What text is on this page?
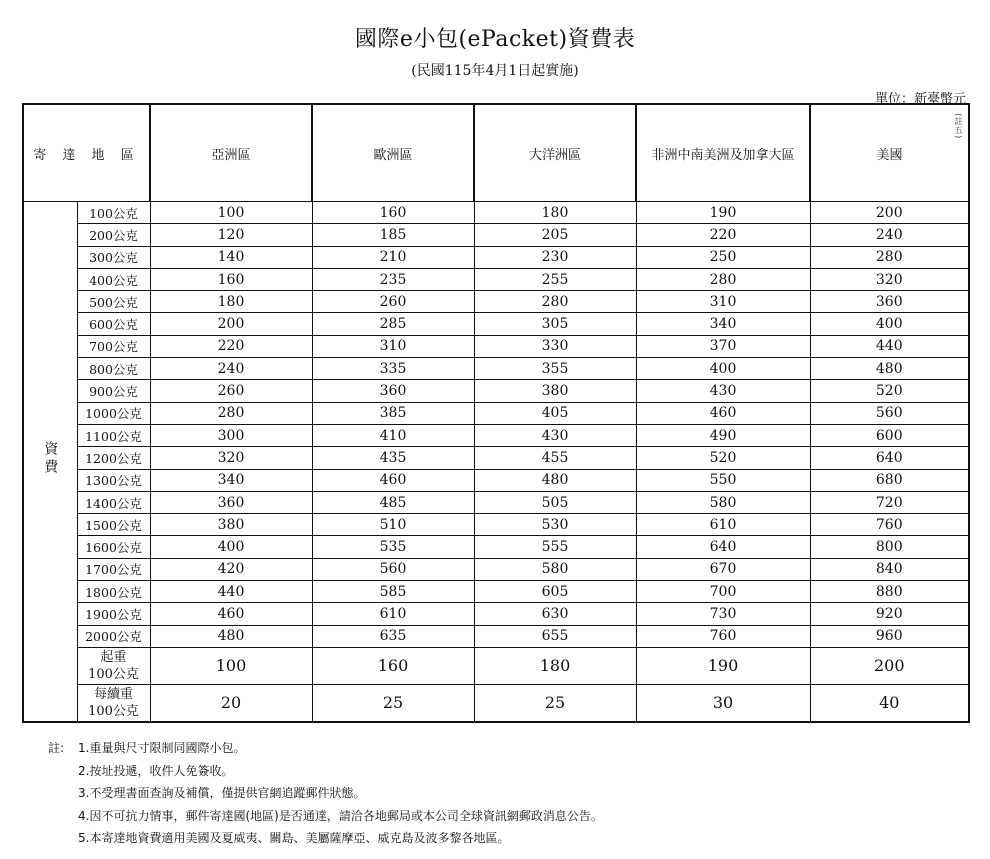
國際e小包(ePacket)資費表
(民國115年4月1日起實施)
單位：新臺幣元
寄 達 地 區		亞洲區	歐洲區	大洋洲區	非洲中南美洲及加拿大區	美國
(註五)

資費	100公克	100	160	180	190	200
	200公克	120	185	205	220	240
	300公克	140	210	230	250	280
	400公克	160	235	255	280	320
	500公克	180	260	280	310	360
	600公克	200	285	305	340	400
	700公克	220	310	330	370	440
	800公克	240	335	355	400	480
	900公克	260	360	380	430	520
	1000公克	280	385	405	460	560
	1100公克	300	410	430	490	600
	1200公克	320	435	455	520	640
	1300公克	340	460	480	550	680
	1400公克	360	485	505	580	720
	1500公克	380	510	530	610	760
	1600公克	400	535	555	640	800
	1700公克	420	560	580	670	840
	1800公克	440	585	605	700	880
	1900公克	460	610	630	730	920
	2000公克	480	635	655	760	960

	起重
100公克	100	160	180	190	200

	每續重
100公克	20	25	25	30	40
註: 1.重量與尺寸限制同國際小包。
2.按址投遞，收件人免簽收。
3.不受理書面查詢及補償，僅提供官網追蹤郵件狀態。
4.因不可抗力情事，郵件寄達國(地區)是否通達，請洽各地郵局或本公司全球資訊網郵政消息公告。
5.本寄達地資費適用美國及夏威夷、關島、美屬薩摩亞、威克島及波多黎各地區。
